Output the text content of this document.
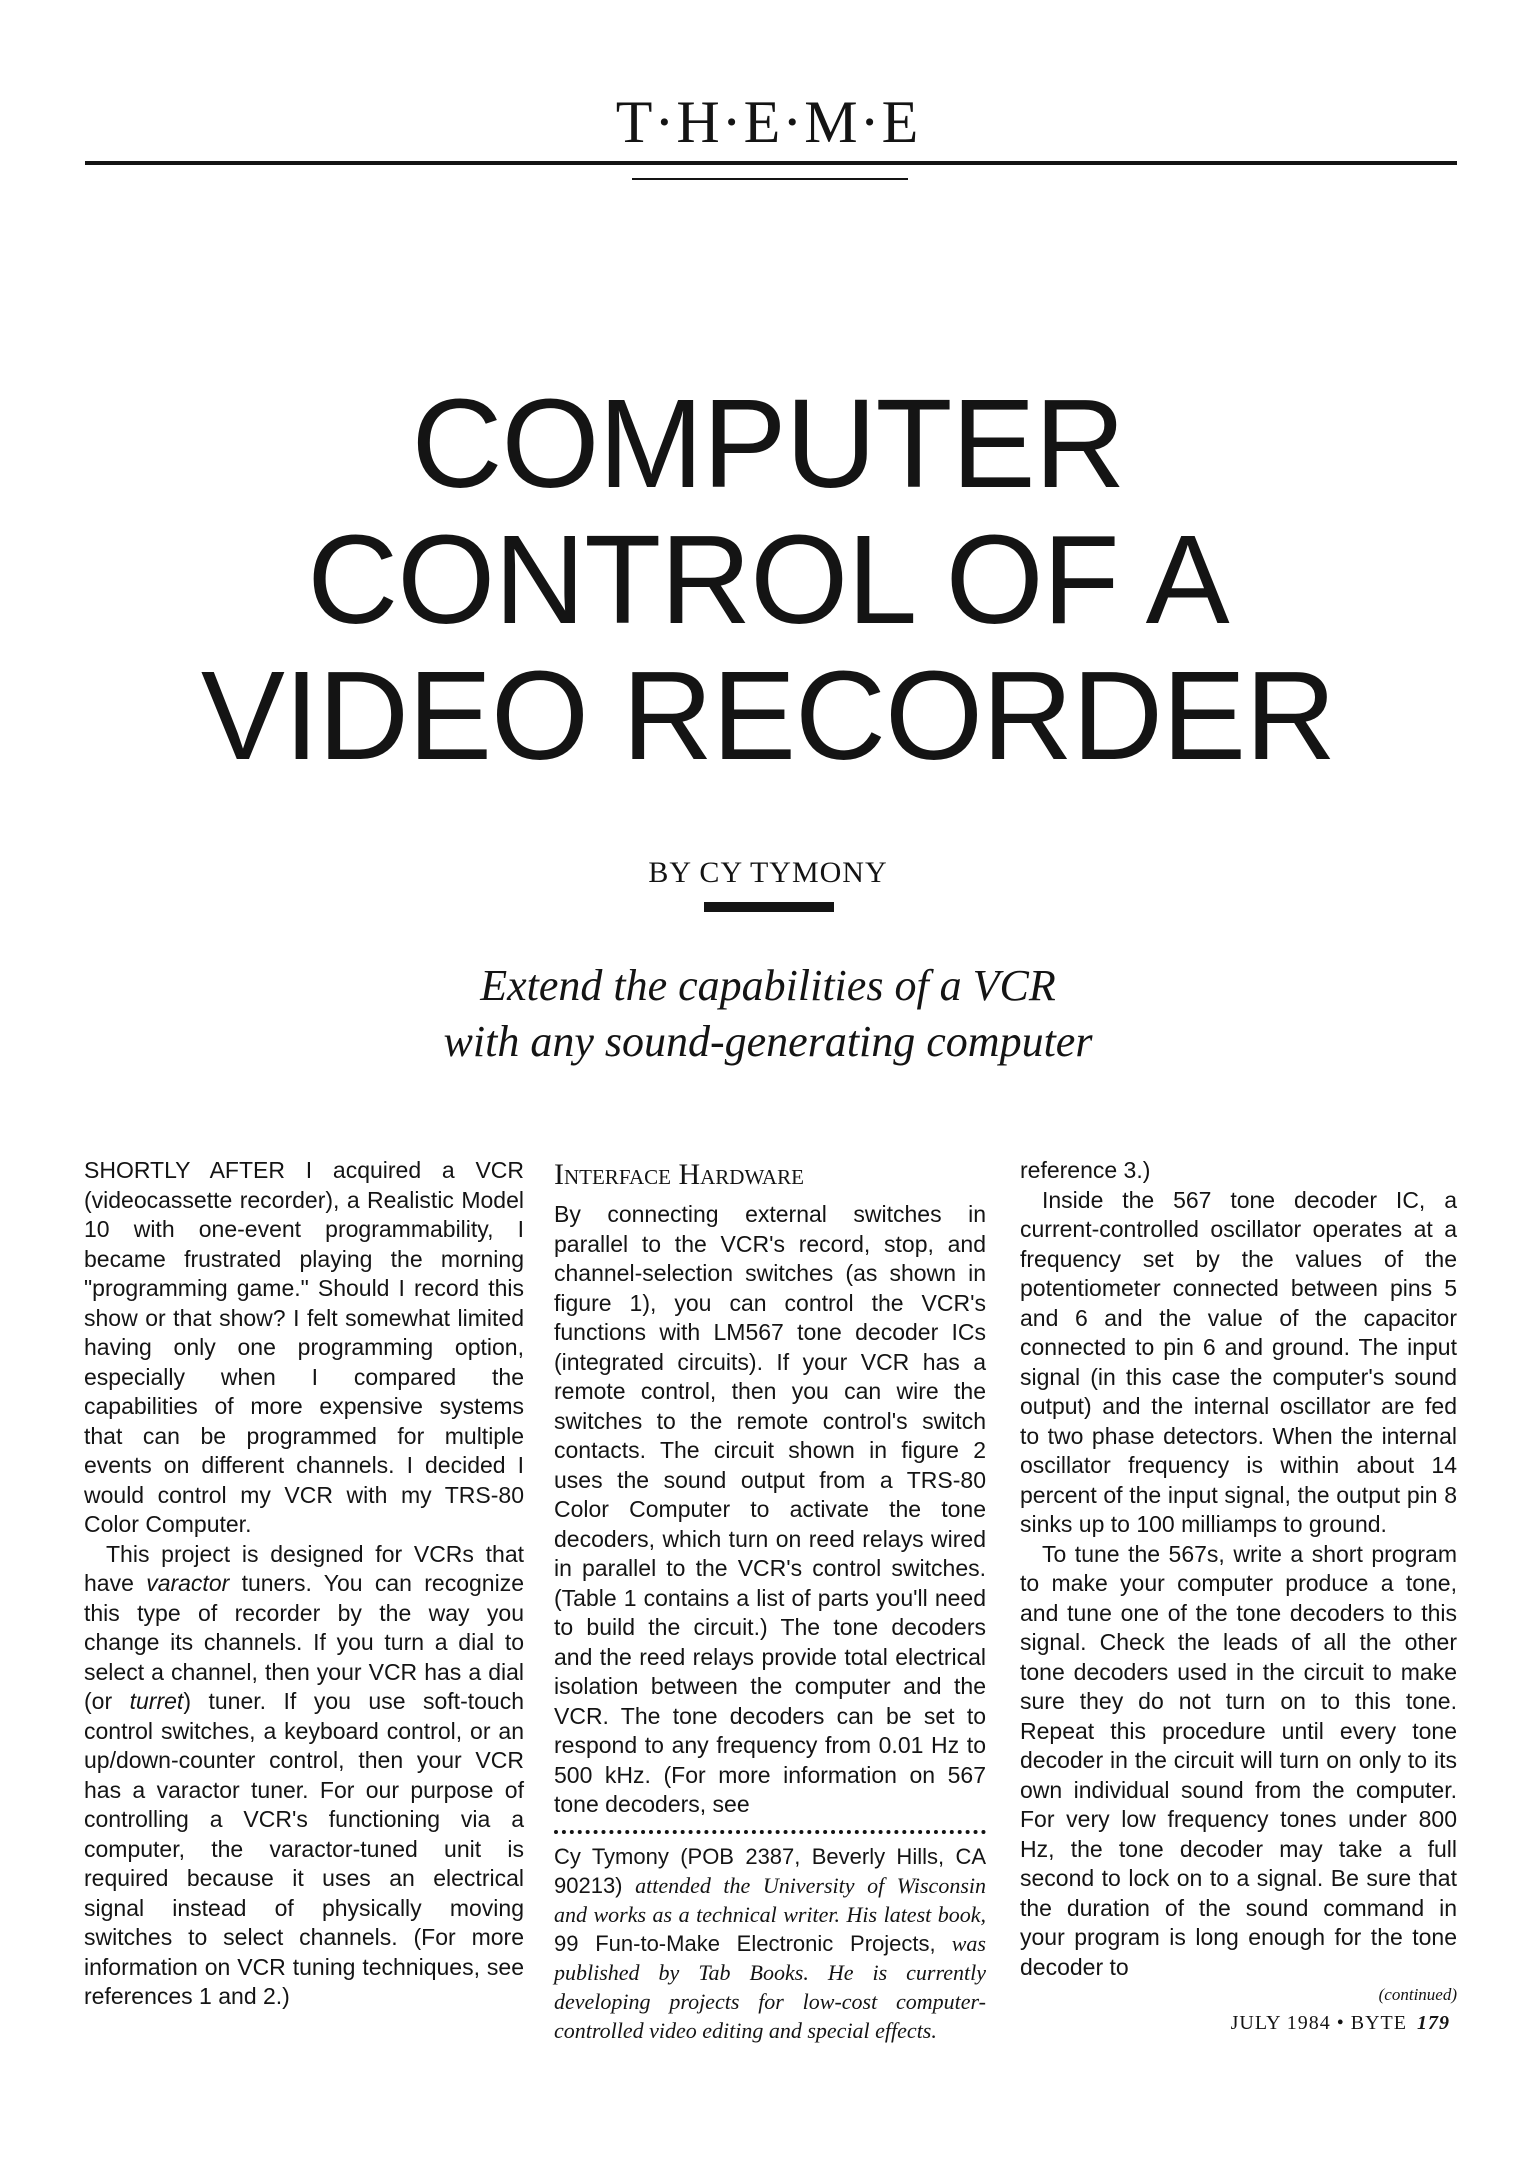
T·H·E·M·E
COMPUTER
CONTROL OF A
VIDEO RECORDER
BY CY TYMONY
Extend the capabilities of a VCR
with any sound-generating computer

SHORTLY AFTER I acquired a VCR (videocassette recorder), a Realistic Model 10 with one-event programmability, I became frustrated playing the morning "programming game." Should I record this show or that show? I felt somewhat limited having only one programming option, especially when I compared the capabilities of more expensive systems that can be programmed for multiple events on different channels. I decided I would control my VCR with my TRS-80 Color Computer.

This project is designed for VCRs that have varactor tuners. You can recognize this type of recorder by the way you change its channels. If you turn a dial to select a channel, then your VCR has a dial (or turret) tuner. If you use soft-touch control switches, a keyboard control, or an up/down-counter control, then your VCR has a varactor tuner. For our purpose of controlling a VCR's functioning via a computer, the varactor-tuned unit is required because it uses an electrical signal instead of physically moving switches to select channels. (For more information on VCR tuning techniques, see references 1 and 2.)

Interface Hardware

By connecting external switches in parallel to the VCR's record, stop, and channel-selection switches (as shown in figure 1), you can control the VCR's functions with LM567 tone decoder ICs (integrated circuits). If your VCR has a remote control, then you can wire the switches to the remote control's switch contacts. The circuit shown in figure 2 uses the sound output from a TRS-80 Color Computer to activate the tone decoders, which turn on reed relays wired in parallel to the VCR's control switches. (Table 1 contains a list of parts you'll need to build the circuit.) The tone decoders and the reed relays provide total electrical isolation between the computer and the VCR. The tone decoders can be set to respond to any frequency from 0.01 Hz to 500 kHz. (For more information on 567 tone decoders, see

Cy Tymony (POB 2387, Beverly Hills, CA 90213) attended the University of Wisconsin and works as a technical writer. His latest book, 99 Fun-to-Make Electronic Projects, was published by Tab Books. He is currently developing projects for low-cost computer-controlled video editing and special effects.

reference 3.)

Inside the 567 tone decoder IC, a current-controlled oscillator operates at a frequency set by the values of the potentiometer connected between pins 5 and 6 and the value of the capacitor connected to pin 6 and ground. The input signal (in this case the computer's sound output) and the internal oscillator are fed to two phase detectors. When the internal oscillator frequency is within about 14 percent of the input signal, the output pin 8 sinks up to 100 milliamps to ground.

To tune the 567s, write a short program to make your computer produce a tone, and tune one of the tone decoders to this signal. Check the leads of all the other tone decoders used in the circuit to make sure they do not turn on to this tone. Repeat this procedure until every tone decoder in the circuit will turn on only to its own individual sound from the computer. For very low frequency tones under 800 Hz, the tone decoder may take a full second to lock on to a signal. Be sure that the duration of the sound command in your program is long enough for the tone decoder to

(continued)
JULY 1984 • BYTE 179
